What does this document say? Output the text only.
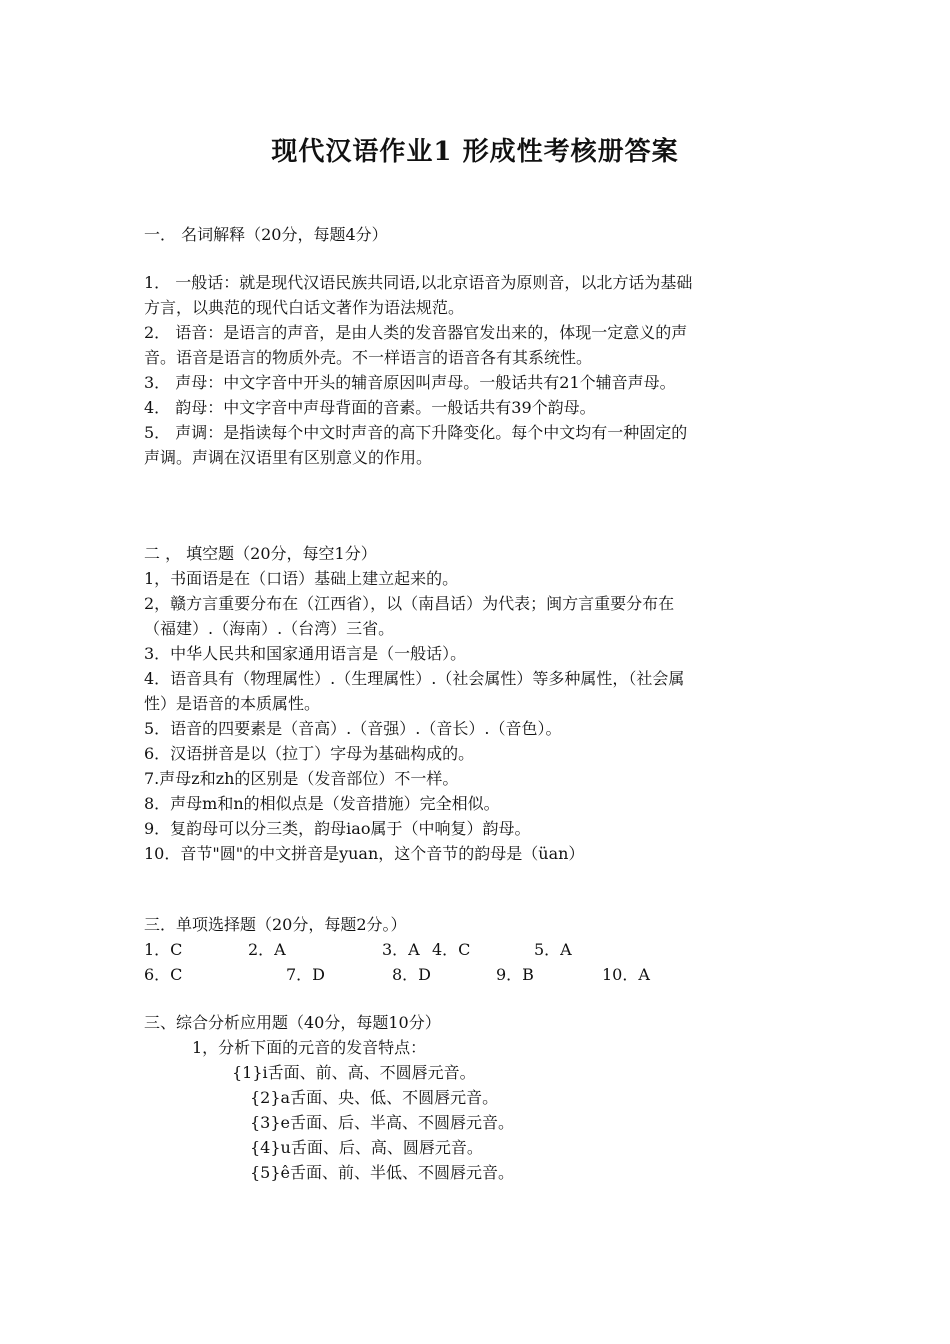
现代汉语作业1 形成性考核册答案
一． 名词解释（20分，每题4分）
1． 一般话：就是现代汉语民族共同语,以北京语音为原则音，以北方话为基础
方言，以典范的现代白话文著作为语法规范。
2． 语音：是语言的声音，是由人类的发音器官发出来的，体现一定意义的声
音。语音是语言的物质外壳。不一样语言的语音各有其系统性。
3． 声母：中文字音中开头的辅音原因叫声母。一般话共有21个辅音声母。
4． 韵母：中文字音中声母背面的音素。一般话共有39个韵母。
5． 声调：是指读每个中文时声音的高下升降变化。每个中文均有一种固定的
声调。声调在汉语里有区别意义的作用。
二 ， 填空题（20分，每空1分）
1，书面语是在（口语）基础上建立起来的。
2，赣方言重要分布在（江西省），以（南昌话）为代表；闽方言重要分布在
（福建）.（海南）.（台湾）三省。
3．中华人民共和国家通用语言是（一般话）。
4．语音具有（物理属性）.（生理属性）.（社会属性）等多种属性，（社会属
性）是语音的本质属性。
5．语音的四要素是（音高）.（音强）.（音长）.（音色）。
6．汉语拼音是以（拉丁）字母为基础构成的。
7.声母z和zh的区别是（发音部位）不一样。
8．声母m和n的相似点是（发音措施）完全相似。
9．复韵母可以分三类，韵母iao属于（中响复）韵母。
10．音节"圆"的中文拼音是yuan，这个音节的韵母是（üan）
三．单项选择题（20分，每题2分。）
1．C	2．A	3．A 4．C	5．A
6．C	7．D	8．D	9．B	10．A
三、综合分析应用题（40分，每题10分）
1，分析下面的元音的发音特点：
{1}i舌面、前、高、不圆唇元音。
{2}a舌面、央、低、不圆唇元音。
{3}e舌面、后、半高、不圆唇元音。
{4}u舌面、后、高、圆唇元音。
{5}ê舌面、前、半低、不圆唇元音。
